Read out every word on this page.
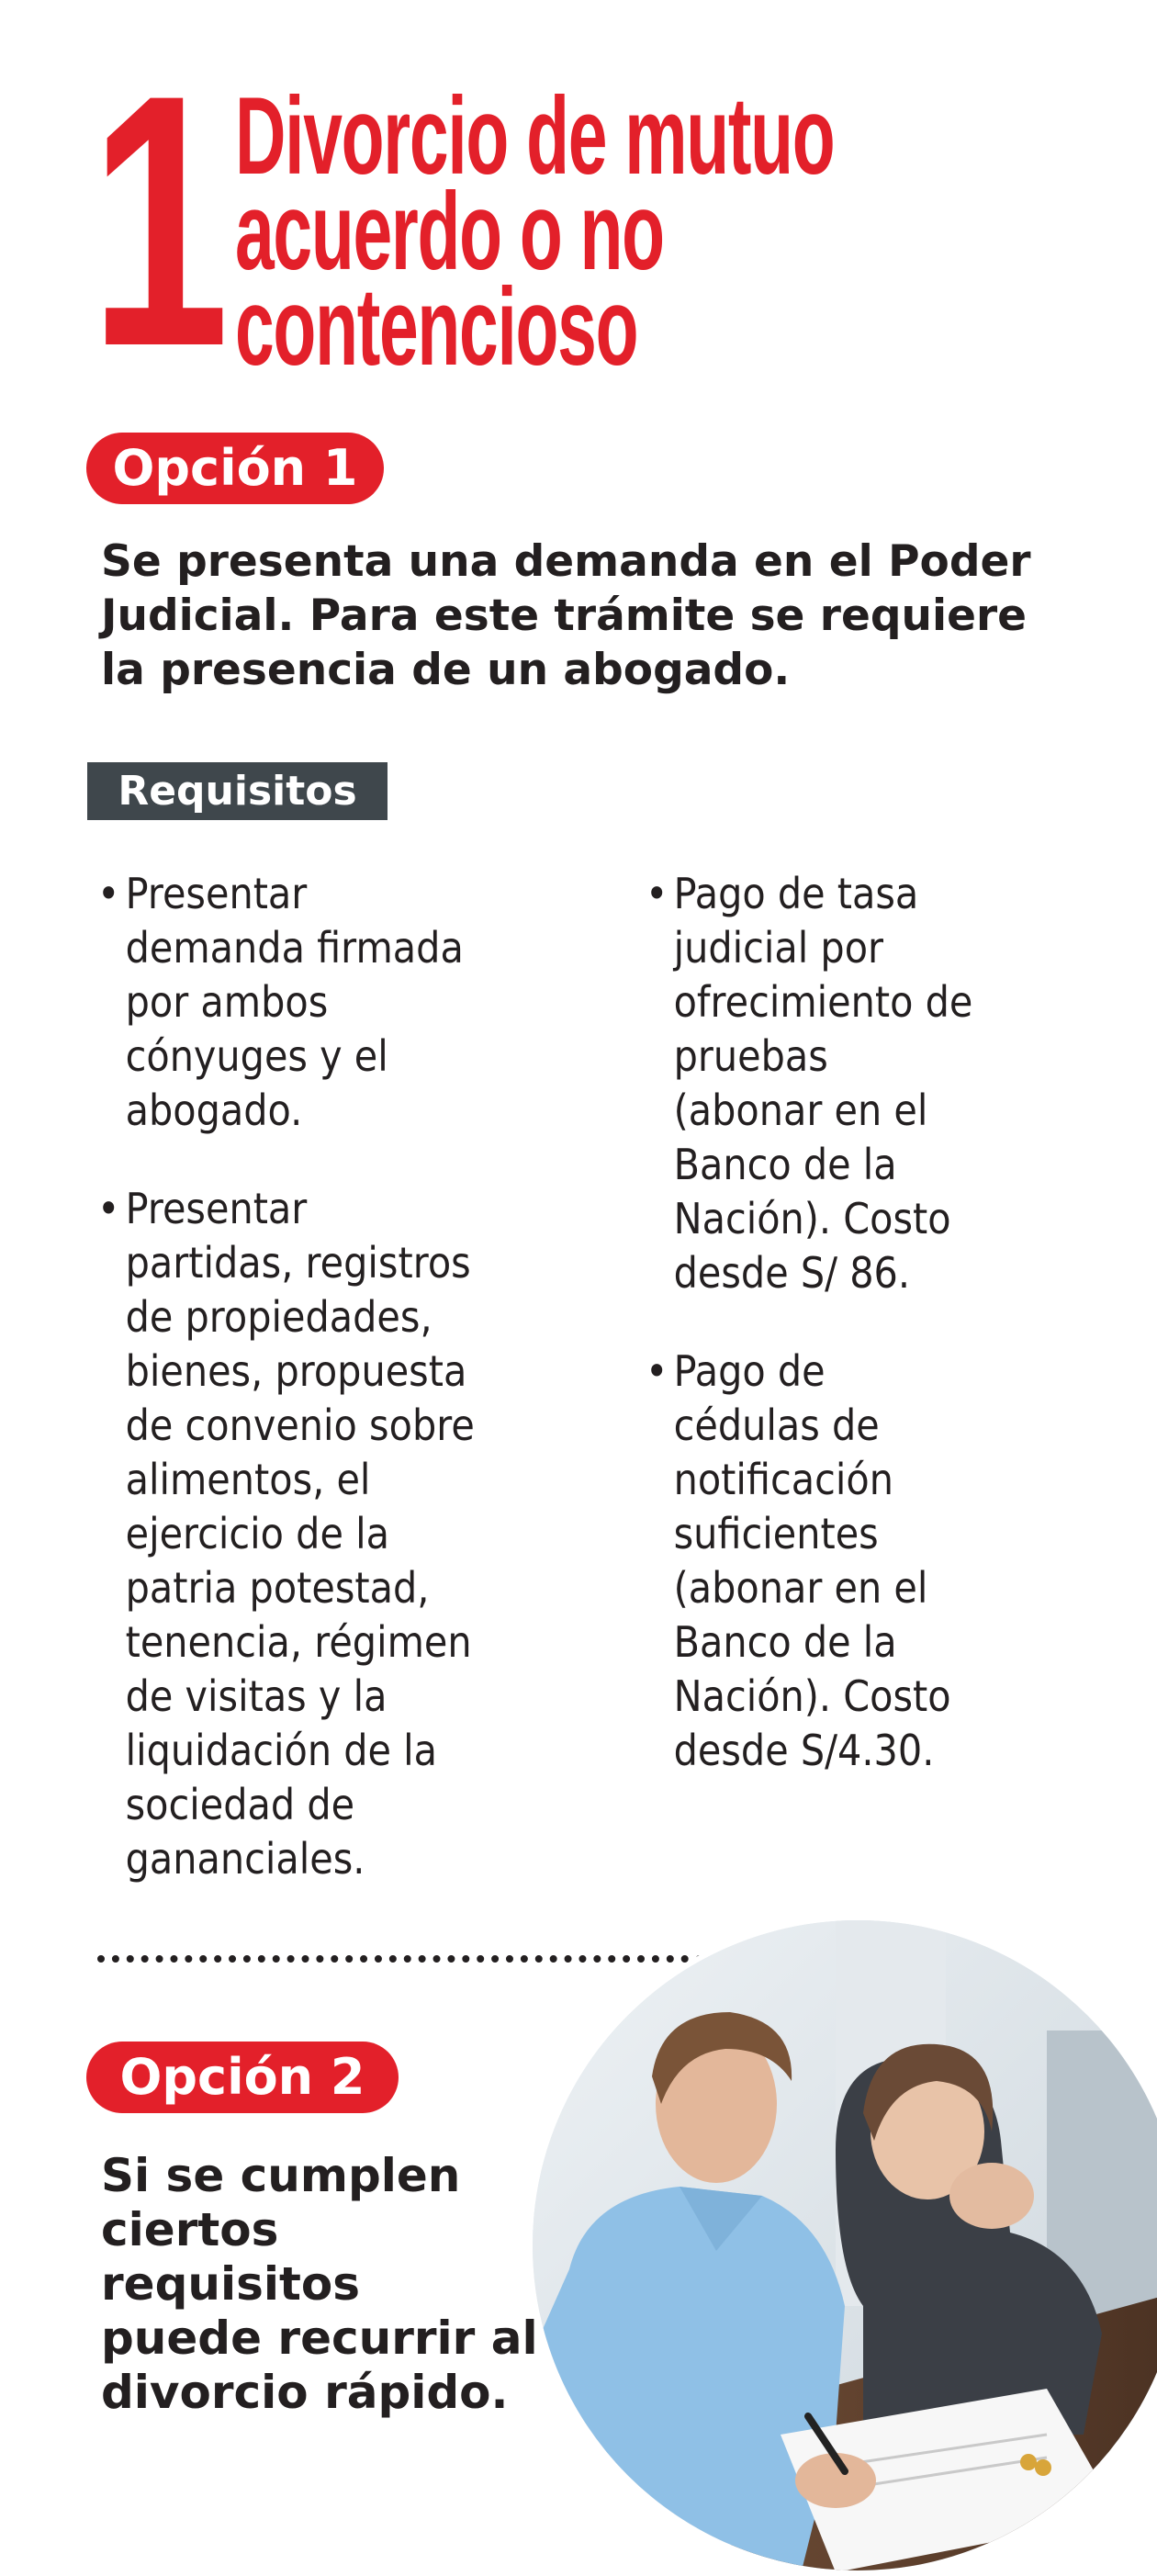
1 Divorcio de mutuo
acuerdo o no
contencioso
Opción 1
Se presenta una demanda en el Poder
Judicial. Para este trámite se requiere
la presencia de un abogado.
Requisitos
• Presentar
demanda firmada
por ambos
cónyuges y el
abogado.
• Presentar
partidas, registros
de propiedades,
bienes, propuesta
de convenio sobre
alimentos, el
ejercicio de la
patria potestad,
tenencia, régimen
de visitas y la
liquidación de la
sociedad de
gananciales.
• Pago de tasa
judicial por
ofrecimiento de
pruebas
(abonar en el
Banco de la
Nación). Costo
desde S/ 86.
• Pago de
cédulas de
notificación
suficientes
(abonar en el
Banco de la
Nación). Costo
desde S/4.30.
Opción 2
Si se cumplen
ciertos
requisitos
puede recurrir al
divorcio rápido.
